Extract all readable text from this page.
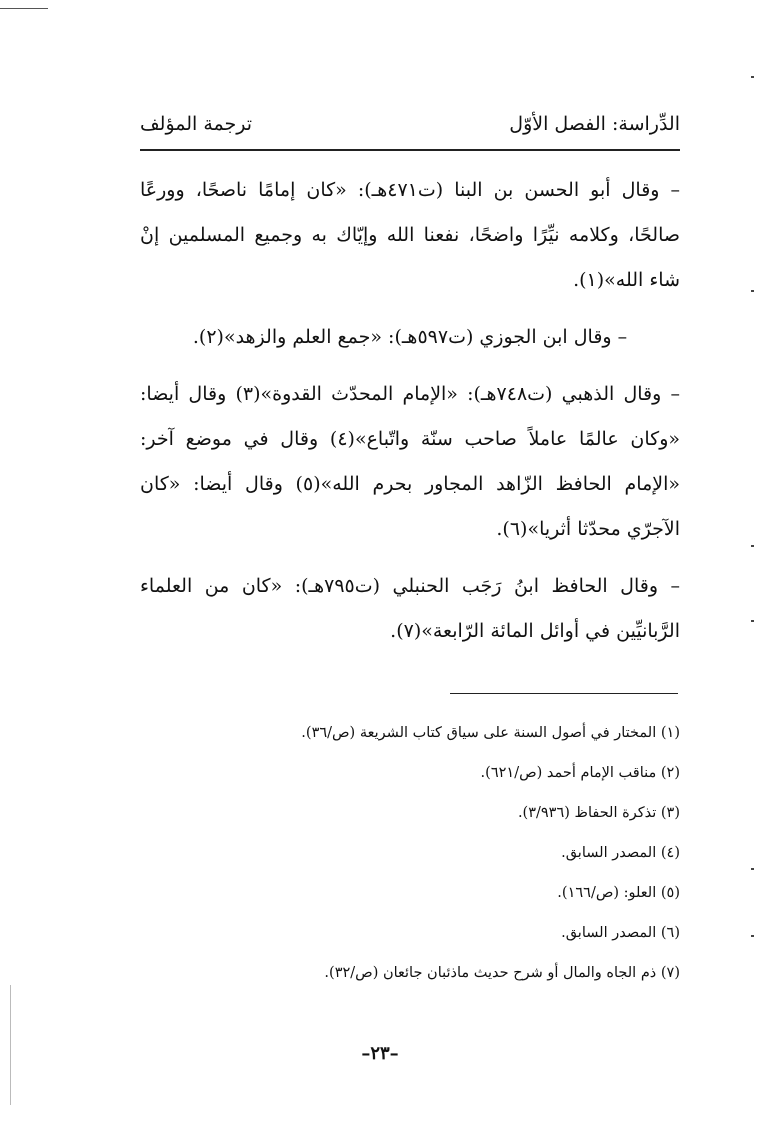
الدِّراسة: الفصل الأوّل
ترجمة المؤلف

– وقال أبو الحسن بن البنا (ت٤٧١هـ): «كان إمامًا ناصحًا، وورعًا صالحًا، وكلامه نيِّرًا واضحًا، نفعنا الله وإيّاك به وجميع المسلمين إنْ شاء الله»(١).

– وقال ابن الجوزي (ت٥٩٧هـ): «جمع العلم والزهد»(٢).

– وقال الذهبي (ت٧٤٨هـ): «الإمام المحدّث القدوة»(٣) وقال أيضا: «وكان عالمًا عاملاً صاحب سنّة واتّباع»(٤) وقال في موضع آخر: «الإمام الحافظ الزّاهد المجاور بحرم الله»(٥) وقال أيضا: «كان الآجرّي محدّثا أثريا»(٦).

– وقال الحافظ ابنُ رَجَب الحنبلي (ت٧٩٥هـ): «كان من العلماء الرَّبانيِّين في أوائل المائة الرّابعة»(٧).

(١) المختار في أصول السنة على سياق كتاب الشريعة (ص/٣٦).
(٢) مناقب الإمام أحمد (ص/٦٢١).
(٣) تذكرة الحفاظ (٣/٩٣٦).
(٤) المصدر السابق.
(٥) العلو: (ص/١٦٦).
(٦) المصدر السابق.
(٧) ذم الجاه والمال أو شرح حديث ماذئبان جائعان (ص/٣٢).
–٢٣–
